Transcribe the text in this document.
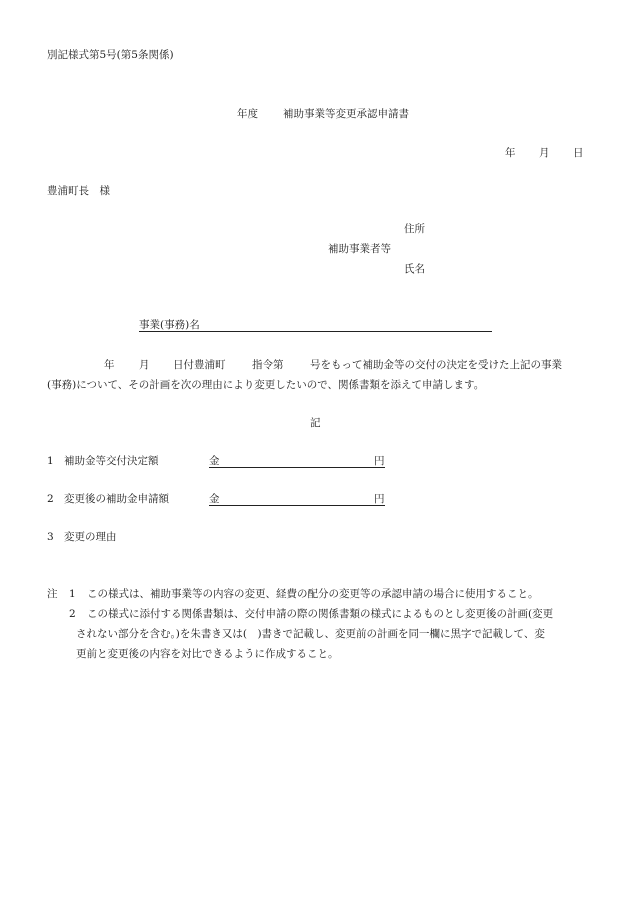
別記様式第5号(第5条関係)
年度 補助事業等変更承認申請書
年 月 日
豊浦町長　様
住所
補助事業者等
氏名
事業(事務)名
年 月 日付豊浦町	指令第	号をもって補助金等の交付の決定を受けた上記の事業
(事務)について、その計画を次の理由により変更したいので、関係書類を添えて申請します。
記
1 補助金等交付決定額	金	円
2 変更後の補助金申請額	金	円
3 変更の理由
注 1 この様式は、補助事業等の内容の変更、経費の配分の変更等の承認申請の場合に使用すること。
2 この様式に添付する関係書類は、交付申請の際の関係書類の様式によるものとし変更後の計画(変更
されない部分を含む。)を朱書き又は(　)書きで記載し、変更前の計画を同一欄に黒字で記載して、変
更前と変更後の内容を対比できるように作成すること。
